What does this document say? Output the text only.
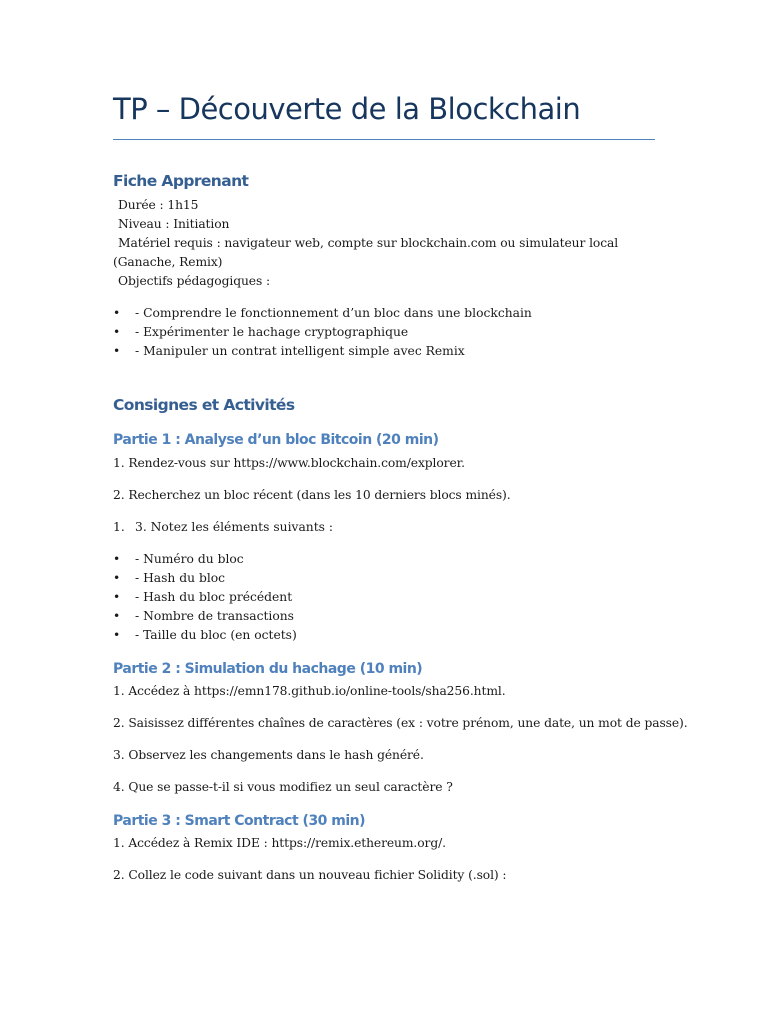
TP – Découverte de la Blockchain
Fiche Apprenant
Durée : 1h15
Niveau : Initiation
Matériel requis : navigateur web, compte sur blockchain.com ou simulateur local (Ganache, Remix)
Objectifs pédagogiques :
•	- Comprendre le fonctionnement d’un bloc dans une blockchain
•	- Expérimenter le hachage cryptographique
•	- Manipuler un contrat intelligent simple avec Remix
Consignes et Activités
Partie 1 : Analyse d’un bloc Bitcoin (20 min)
1. Rendez-vous sur https://www.blockchain.com/explorer.
2. Recherchez un bloc récent (dans les 10 derniers blocs minés).
1. 3. Notez les éléments suivants :
•	- Numéro du bloc
•	- Hash du bloc
•	- Hash du bloc précédent
•	- Nombre de transactions
•	- Taille du bloc (en octets)
Partie 2 : Simulation du hachage (10 min)
1. Accédez à https://emn178.github.io/online-tools/sha256.html.
2. Saisissez différentes chaînes de caractères (ex : votre prénom, une date, un mot de passe).
3. Observez les changements dans le hash généré.
4. Que se passe-t-il si vous modifiez un seul caractère ?
Partie 3 : Smart Contract (30 min)
1. Accédez à Remix IDE : https://remix.ethereum.org/.
2. Collez le code suivant dans un nouveau fichier Solidity (.sol) :
